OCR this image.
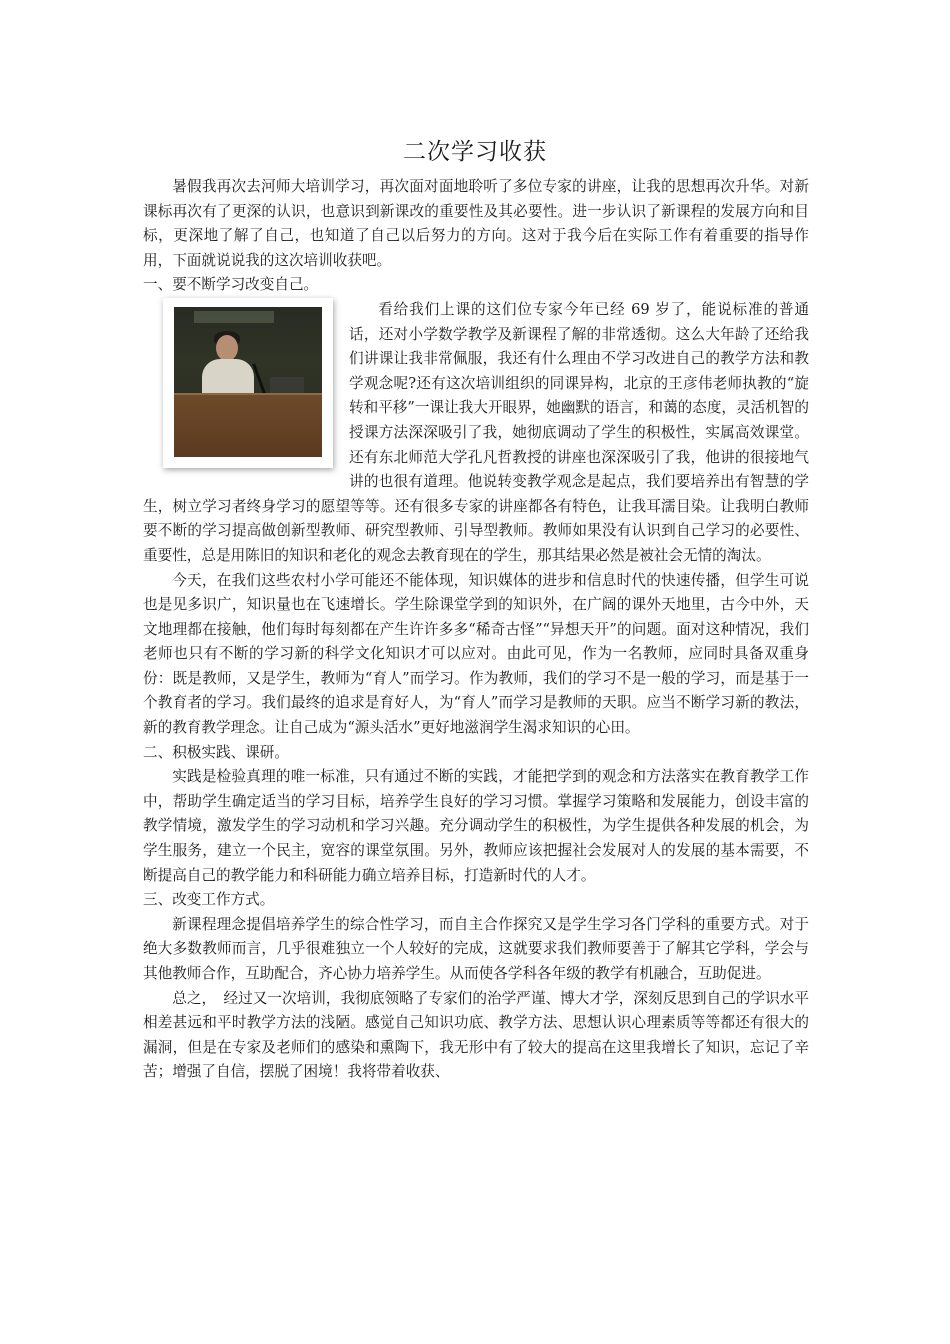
二次学习收获

暑假我再次去河师大培训学习，再次面对面地聆听了多位专家的讲座，让我的思想再次升华。对新课标再次有了更深的认识，也意识到新课改的重要性及其必要性。进一步认识了新课程的发展方向和目标，更深地了解了自己，也知道了自己以后努力的方向。这对于我今后在实际工作有着重要的指导作用，下面就说说我的这次培训收获吧。

一、要不断学习改变自己。

看给我们上课的这们位专家今年已经 69 岁了，能说标准的普通话，还对小学数学教学及新课程了解的非常透彻。这么大年龄了还给我们讲课让我非常佩服，我还有什么理由不学习改进自己的教学方法和教学观念呢?还有这次培训组织的同课异构，北京的王彦伟老师执教的“旋转和平移”一课让我大开眼界，她幽默的语言，和蔼的态度，灵活机智的授课方法深深吸引了我，她彻底调动了学生的积极性，实属高效课堂。还有东北师范大学孔凡哲教授的讲座也深深吸引了我，他讲的很接地气讲的也很有道理。他说转变教学观念是起点，我们要培养出有智慧的学生，树立学习者终身学习的愿望等等。还有很多专家的讲座都各有特色，让我耳濡目染。让我明白教师要不断的学习提高做创新型教师、研究型教师、引导型教师。教师如果没有认识到自己学习的必要性、重要性，总是用陈旧的知识和老化的观念去教育现在的学生，那其结果必然是被社会无情的淘汰。

今天，在我们这些农村小学可能还不能体现，知识媒体的进步和信息时代的快速传播，但学生可说也是见多识广，知识量也在飞速增长。学生除课堂学到的知识外，在广阔的课外天地里，古今中外，天文地理都在接触，他们每时每刻都在产生许许多多“稀奇古怪”“异想天开”的问题。面对这种情况，我们老师也只有不断的学习新的科学文化知识才可以应对。由此可见，作为一名教师，应同时具备双重身份：既是教师，又是学生，教师为“育人”而学习。作为教师，我们的学习不是一般的学习，而是基于一个教育者的学习。我们最终的追求是育好人，为“育人”而学习是教师的天职。应当不断学习新的教法，新的教育教学理念。让自己成为“源头活水”更好地滋润学生渴求知识的心田。

二、积极实践、课研。

实践是检验真理的唯一标准，只有通过不断的实践，才能把学到的观念和方法落实在教育教学工作中，帮助学生确定适当的学习目标，培养学生良好的学习习惯。掌握学习策略和发展能力，创设丰富的教学情境，激发学生的学习动机和学习兴趣。充分调动学生的积极性，为学生提供各种发展的机会，为学生服务，建立一个民主，宽容的课堂氛围。另外，教师应该把握社会发展对人的发展的基本需要，不断提高自己的教学能力和科研能力确立培养目标，打造新时代的人才。

三、改变工作方式。

新课程理念提倡培养学生的综合性学习，而自主合作探究又是学生学习各门学科的重要方式。对于绝大多数教师而言，几乎很难独立一个人较好的完成，这就要求我们教师要善于了解其它学科，学会与其他教师合作，互助配合，齐心协力培养学生。从而使各学科各年级的教学有机融合，互助促进。

总之，　经过又一次培训，我彻底领略了专家们的治学严谨、博大才学，深刻反思到自己的学识水平相差甚远和平时教学方法的浅陋。感觉自己知识功底、教学方法、思想认识心理素质等等都还有很大的漏洞，但是在专家及老师们的感染和熏陶下，我无形中有了较大的提高在这里我增长了知识，忘记了辛苦；增强了自信，摆脱了困境！我将带着收获、
